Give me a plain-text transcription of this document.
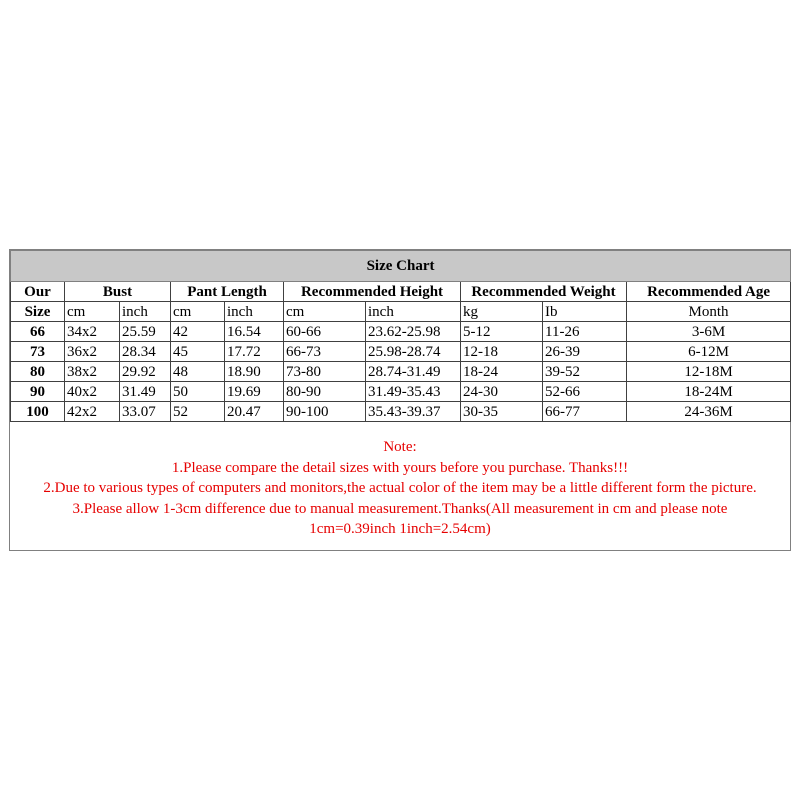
Size Chart									
Our	Bust		Pant Length		Recommended Height		Recommended Weight		Recommended Age
Size	cm	inch	cm	inch	cm	inch	kg	Ib	Month
66	34x2	25.59	42	16.54	60-66	23.62-25.98	5-12	11-26	3-6M
73	36x2	28.34	45	17.72	66-73	25.98-28.74	12-18	26-39	6-12M
80	38x2	29.92	48	18.90	73-80	28.74-31.49	18-24	39-52	12-18M
90	40x2	31.49	50	19.69	80-90	31.49-35.43	24-30	52-66	18-24M
100	42x2	33.07	52	20.47	90-100	35.43-39.37	30-35	66-77	24-36M
Note:
1.Please compare the detail sizes with yours before you purchase. Thanks!!!
2.Due to various types of computers and monitors,the actual color of the item may be a little different form the picture.
3.Please allow 1-3cm difference due to manual measurement.Thanks(All measurement in cm and please note
1cm=0.39inch 1inch=2.54cm)
